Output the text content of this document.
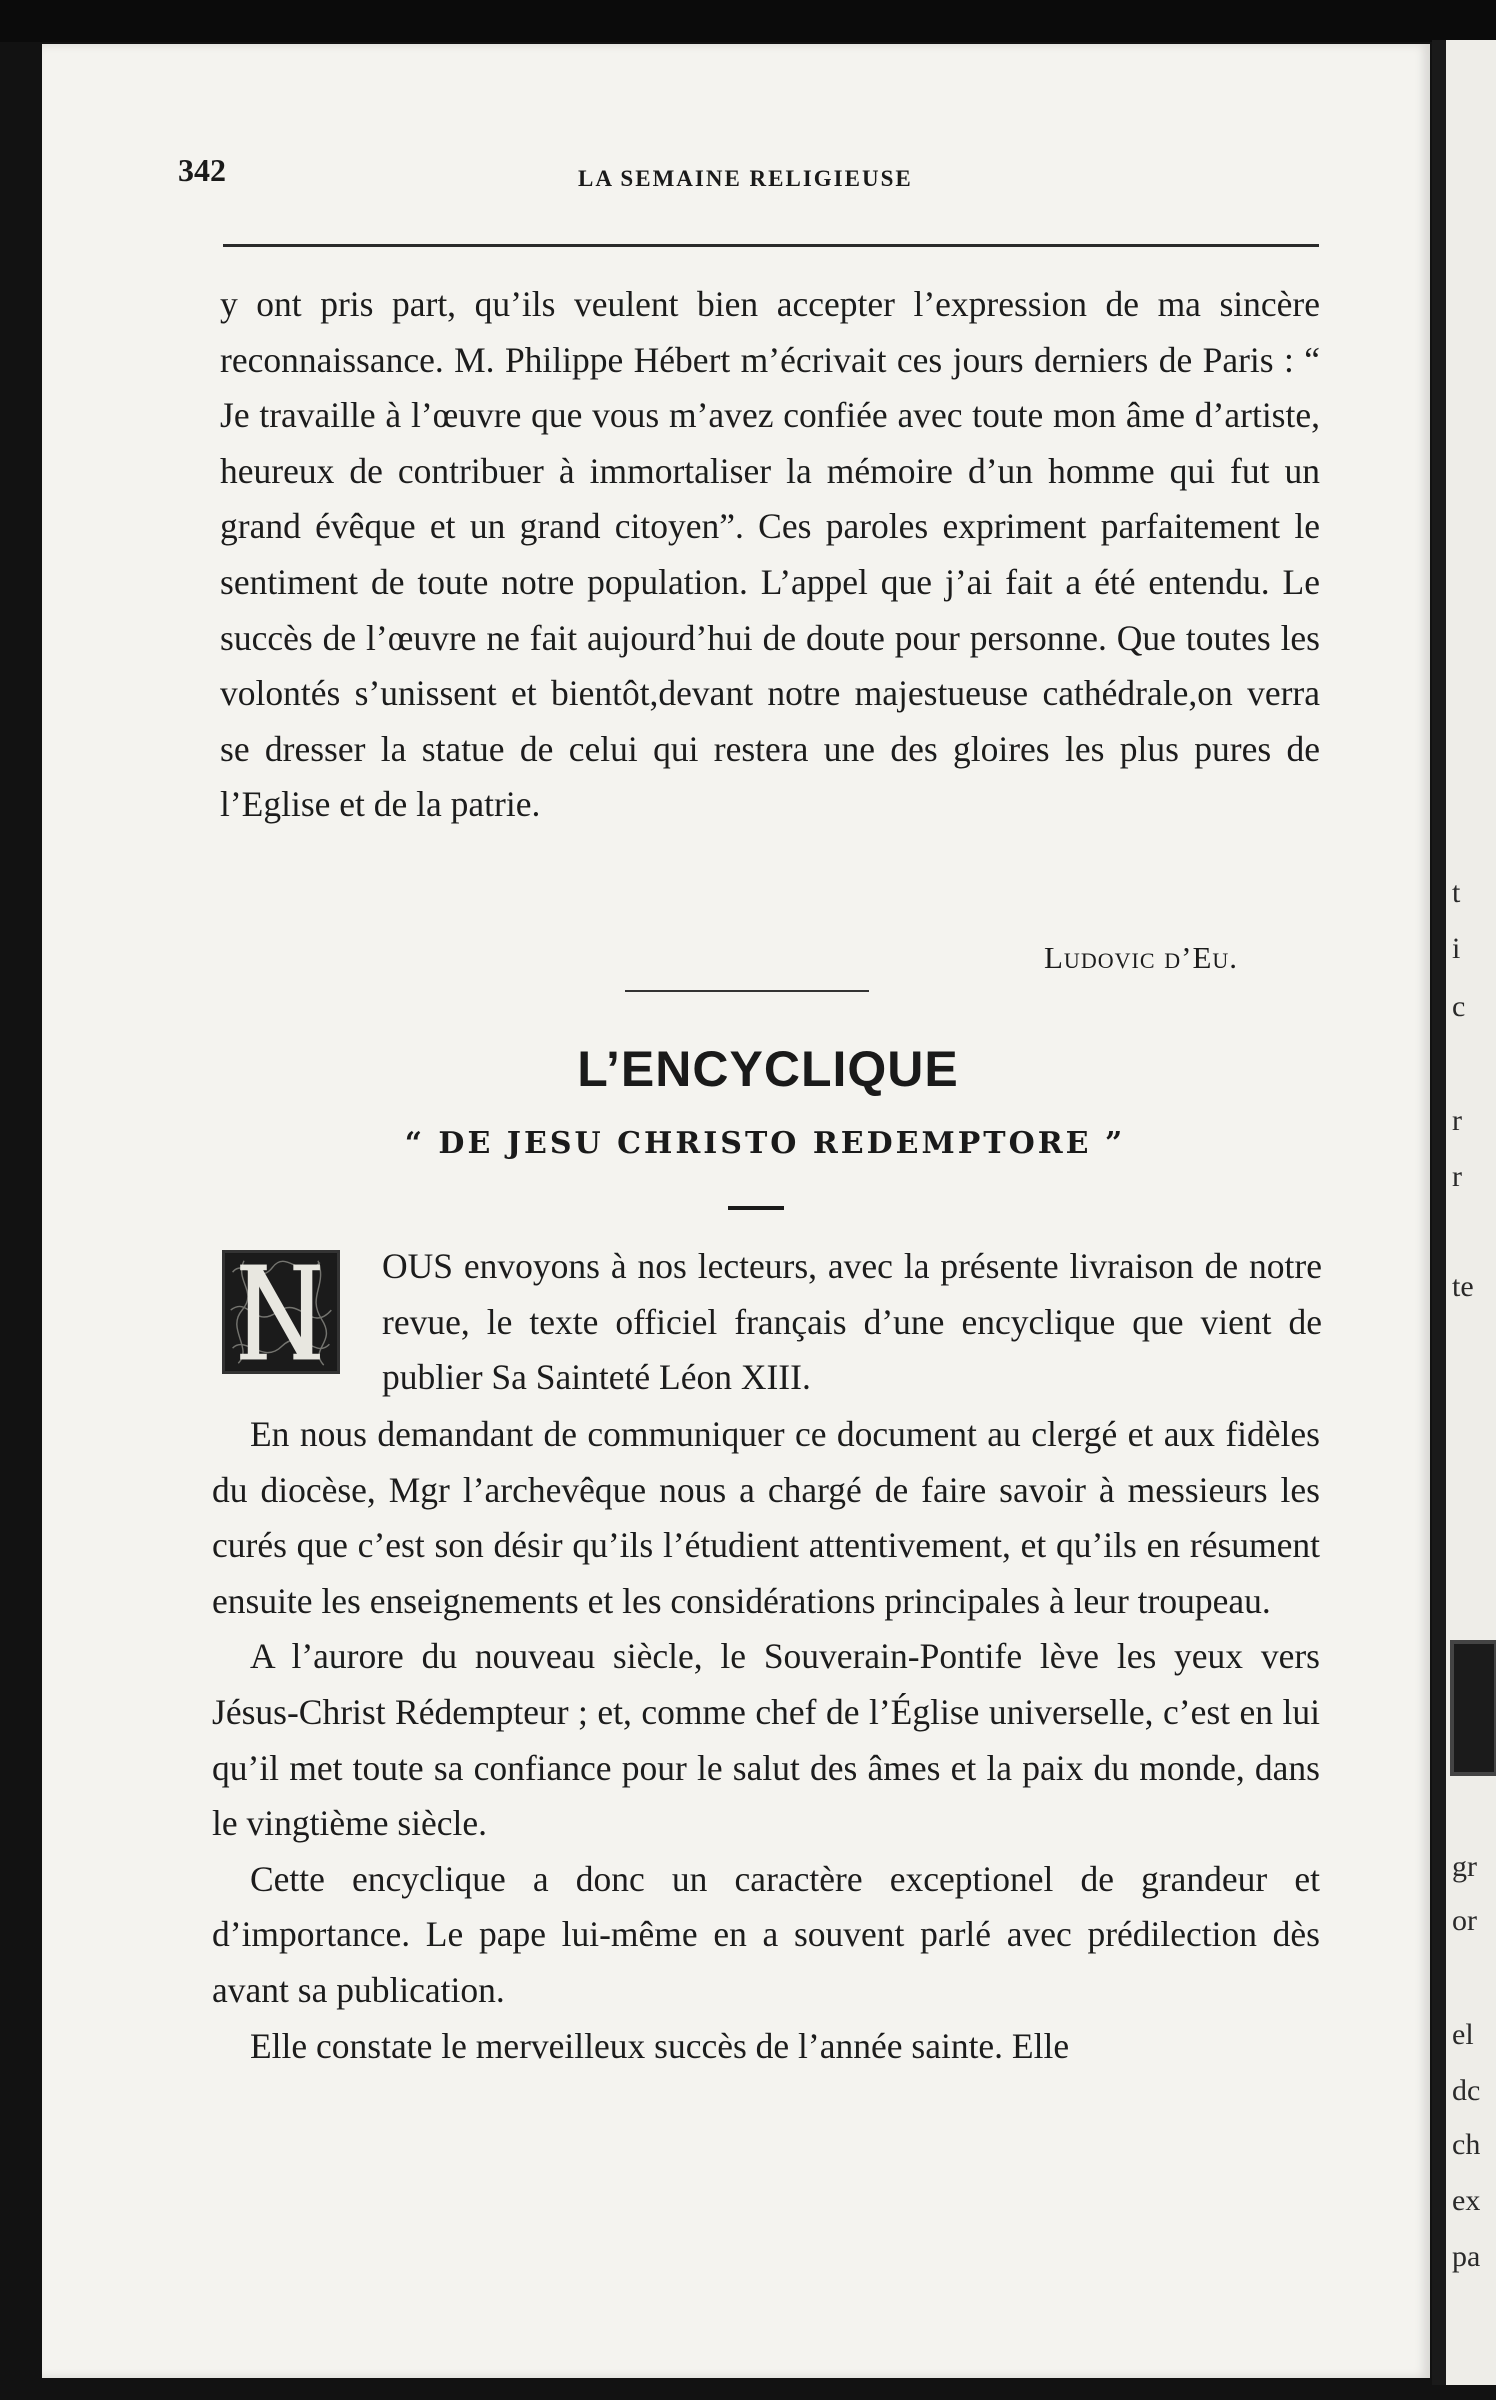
t
i
c
r
r
te
gr
or
el
dc
ch
ex
pa
342	LA SEMAINE RELIGIEUSE

y ont pris part, qu’ils veulent bien accepter l’expression de ma sincère reconnaissance. M. Philippe Hébert m’écrivait ces jours derniers de Paris : “ Je travaille à l’œuvre que vous m’avez confiée avec toute mon âme d’artiste, heureux de contribuer à immortaliser la mémoire d’un homme qui fut un grand évêque et un grand citoyen”. Ces paroles expriment parfaitement le sentiment de toute notre population. L’appel que j’ai fait a été entendu. Le succès de l’œuvre ne fait aujourd’hui de doute pour personne. Que toutes les volontés s’unissent et bientôt,devant notre majestueuse cathédrale,on verra se dresser la statue de celui qui restera une des gloires les plus pures de l’Eglise et de la patrie.

Ludovic d’Eu.
L’ENCYCLIQUE
“ DE JESU CHRISTO REDEMPTORE ”

OUS envoyons à nos lecteurs, avec la présente livraison de notre revue, le texte officiel français d’une encyclique que vient de publier Sa Sainteté Léon XIII.

En nous demandant de communiquer ce document au clergé et aux fidèles du diocèse, Mgr l’archevêque nous a chargé de faire savoir à messieurs les curés que c’est son désir qu’ils l’étudient attentivement, et qu’ils en résument ensuite les enseignements et les considérations principales à leur troupeau.

A l’aurore du nouveau siècle, le Souverain-Pontife lève les yeux vers Jésus-Christ Rédempteur ; et, comme chef de l’Église universelle, c’est en lui qu’il met toute sa confiance pour le salut des âmes et la paix du monde, dans le vingtième siècle.

Cette encyclique a donc un caractère exceptionel de grandeur et d’importance. Le pape lui-même en a souvent parlé avec prédilection dès avant sa publication.

Elle constate le merveilleux succès de l’année sainte. Elle
